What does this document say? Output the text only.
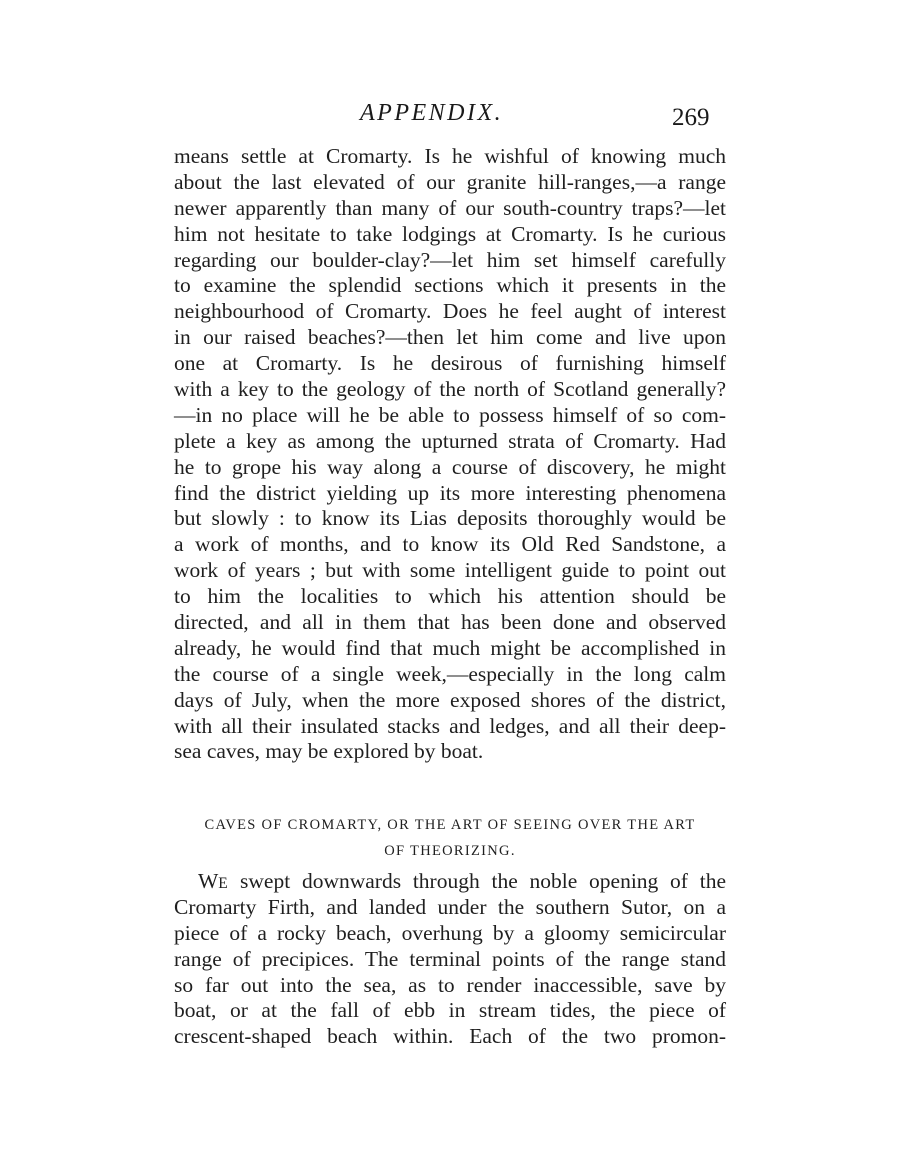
APPENDIX.	269
means settle at Cromarty. Is he wishful of knowing much
about the last elevated of our granite hill-ranges,—a range
newer apparently than many of our south-country traps?—let
him not hesitate to take lodgings at Cromarty. Is he curious
regarding our boulder-clay?—let him set himself carefully
to examine the splendid sections which it presents in the
neighbourhood of Cromarty. Does he feel aught of interest
in our raised beaches?—then let him come and live upon
one at Cromarty. Is he desirous of furnishing himself
with a key to the geology of the north of Scotland generally?
—in no place will he be able to possess himself of so com-
plete a key as among the upturned strata of Cromarty. Had
he to grope his way along a course of discovery, he might
find the district yielding up its more interesting phenomena
but slowly : to know its Lias deposits thoroughly would be
a work of months, and to know its Old Red Sandstone, a
work of years ; but with some intelligent guide to point out
to him the localities to which his attention should be
directed, and all in them that has been done and observed
already, he would find that much might be accomplished in
the course of a single week,—especially in the long calm
days of July, when the more exposed shores of the district,
with all their insulated stacks and ledges, and all their deep-
sea caves, may be explored by boat.
CAVES OF CROMARTY, OR THE ART OF SEEING OVER THE ART
OF THEORIZING.
WE swept downwards through the noble opening of the
Cromarty Firth, and landed under the southern Sutor, on a
piece of a rocky beach, overhung by a gloomy semicircular
range of precipices. The terminal points of the range stand
so far out into the sea, as to render inaccessible, save by
boat, or at the fall of ebb in stream tides, the piece of
crescent-shaped beach within. Each of the two promon-
